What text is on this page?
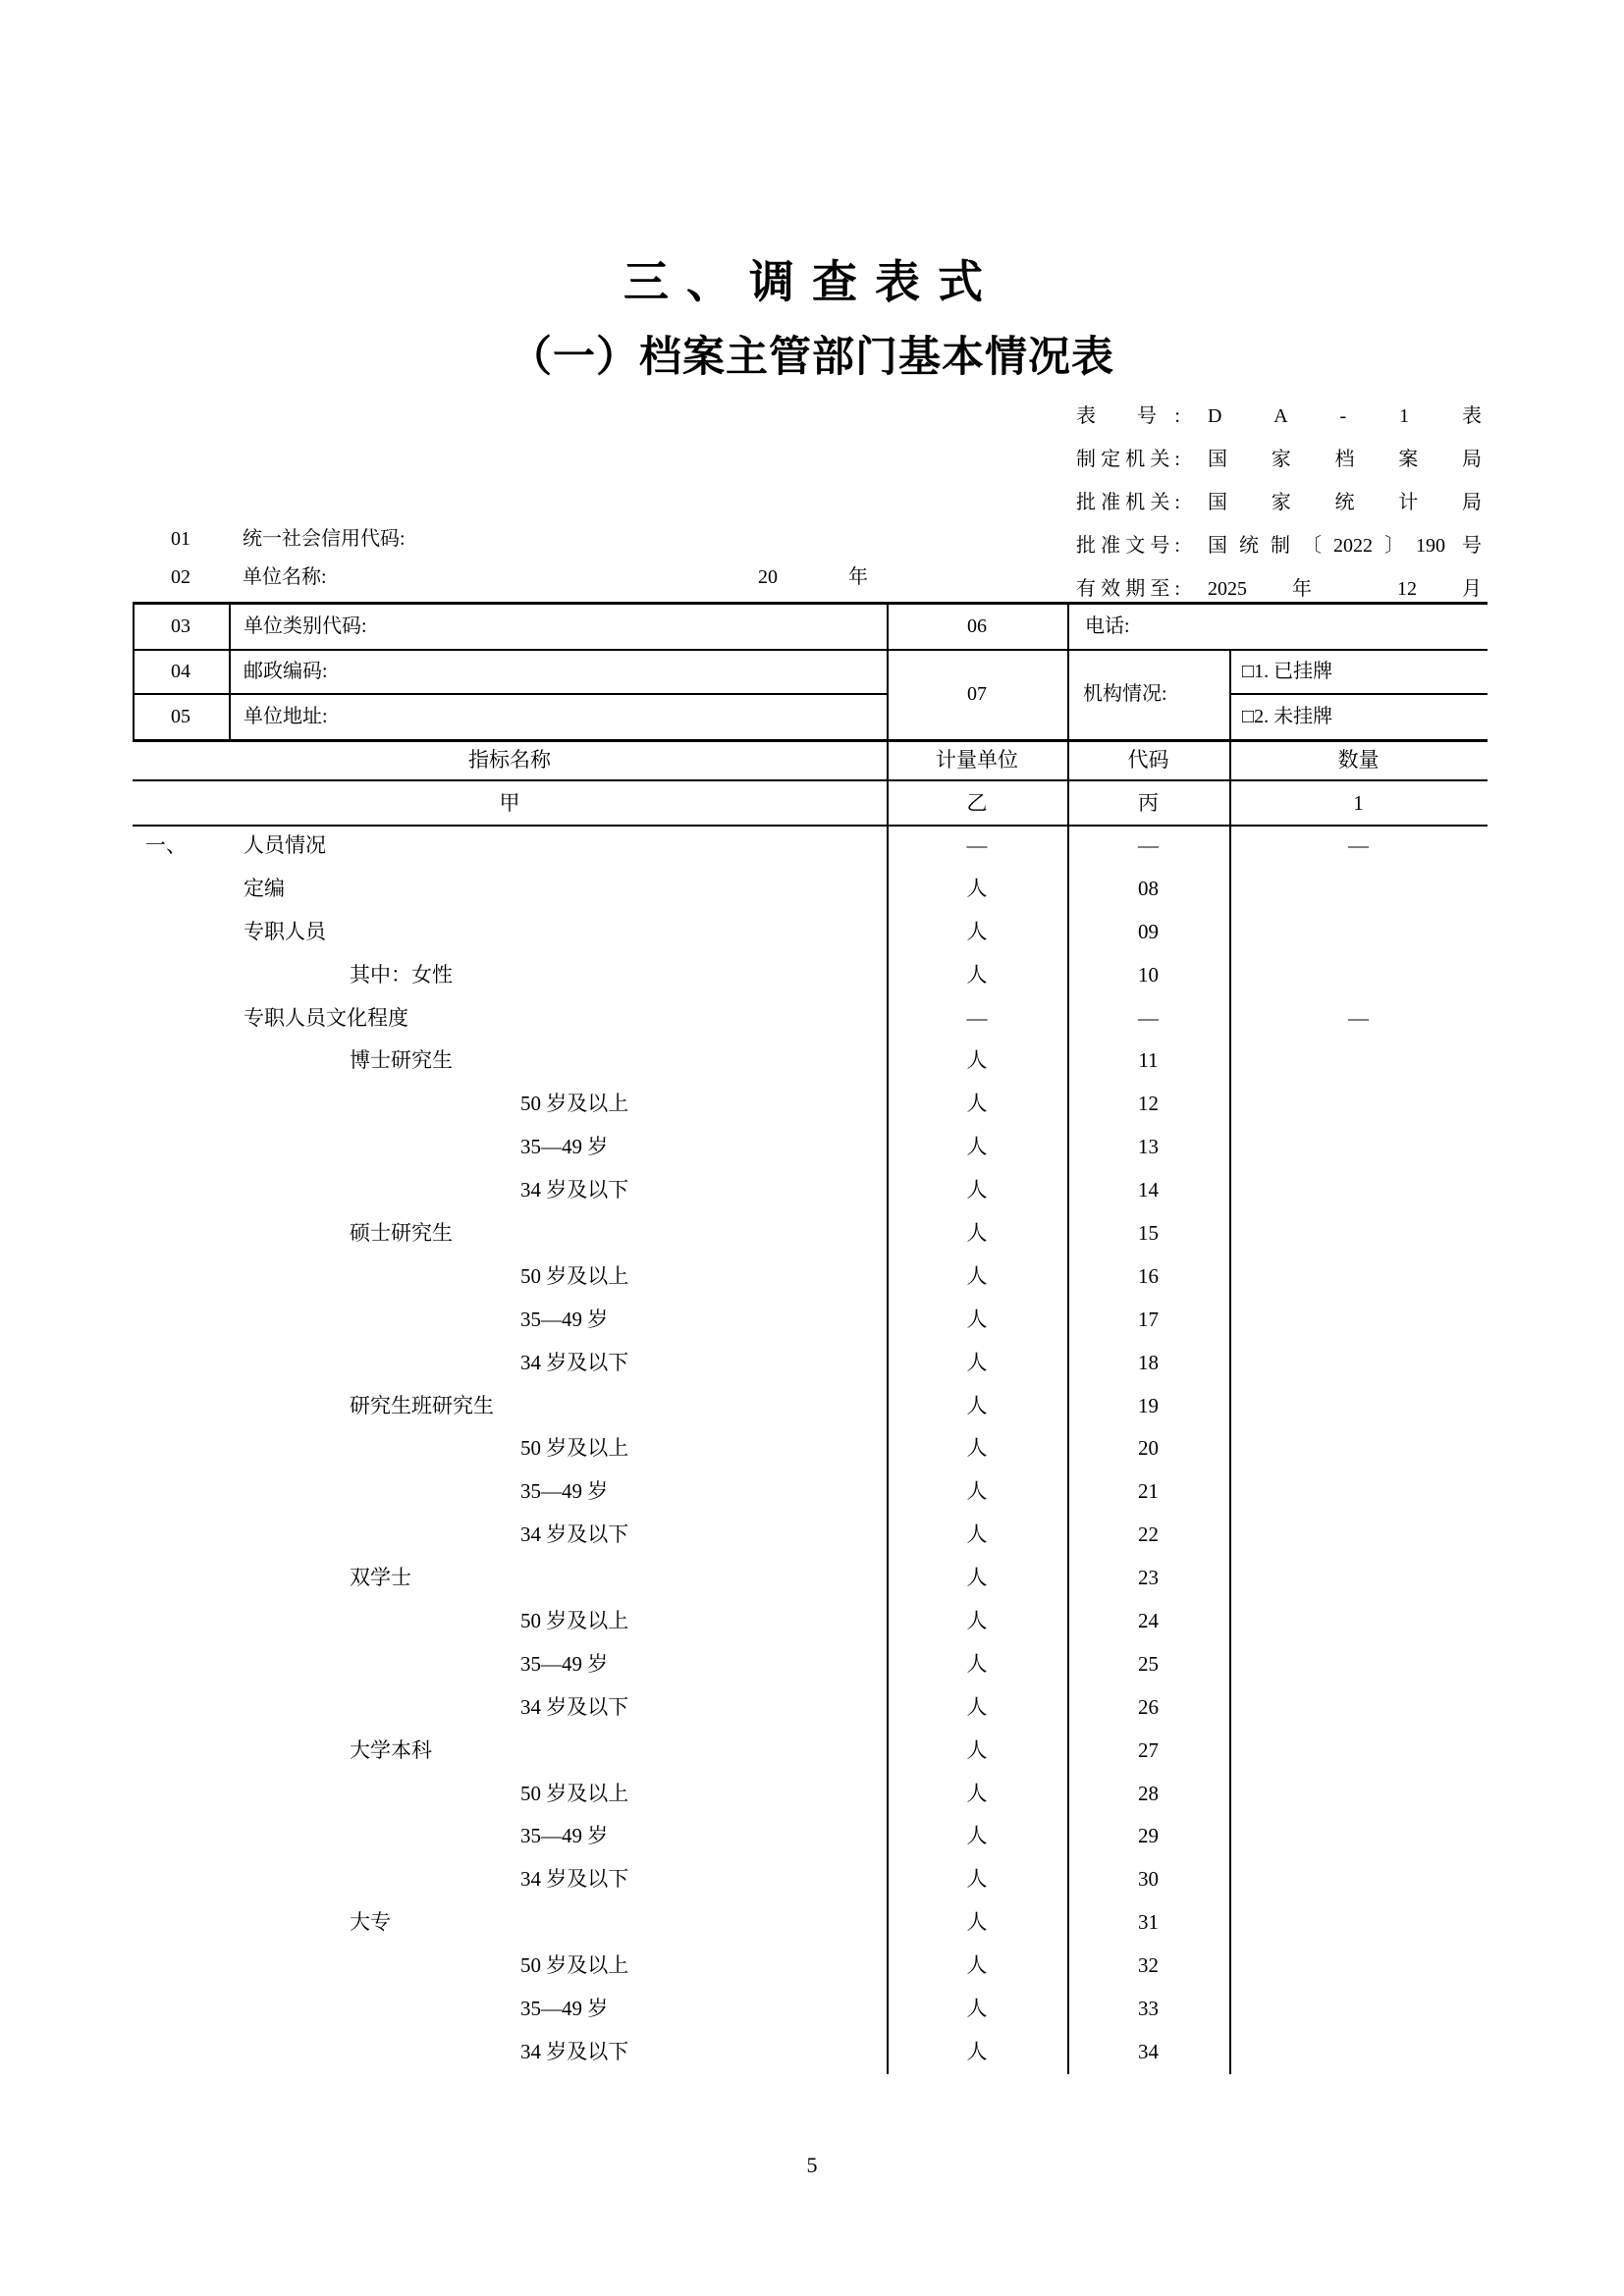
三、调查表式
（一）档案主管部门基本情况表
表 号: D A - 1 表
制定机关: 国 家 档 案 局
批准机关: 国 家 统 计 局
批准文号: 国统制〔2022〕190 号
有效期至: 2025 年 12 月
01	统一社会信用代码:
02	单位名称:	20	年
03	单位类别代码:	06	电话:
04	邮政编码:
05	单位地址:
07	机构情况:
□1. 已挂牌
□2. 未挂牌
指标名称	计量单位	代码	数量
甲	乙	丙	1
一、	人员情况	—	—	—
定编	人	08
专职人员	人	09
其中：女性	人	10
专职人员文化程度	—	—	—
博士研究生	人	11
50 岁及以上	人	12
35—49 岁	人	13
34 岁及以下	人	14
硕士研究生	人	15
50 岁及以上	人	16
35—49 岁	人	17
34 岁及以下	人	18
研究生班研究生	人	19
50 岁及以上	人	20
35—49 岁	人	21
34 岁及以下	人	22
双学士	人	23
50 岁及以上	人	24
35—49 岁	人	25
34 岁及以下	人	26
大学本科	人	27
50 岁及以上	人	28
35—49 岁	人	29
34 岁及以下	人	30
大专	人	31
50 岁及以上	人	32
35—49 岁	人	33
34 岁及以下	人	34
5
